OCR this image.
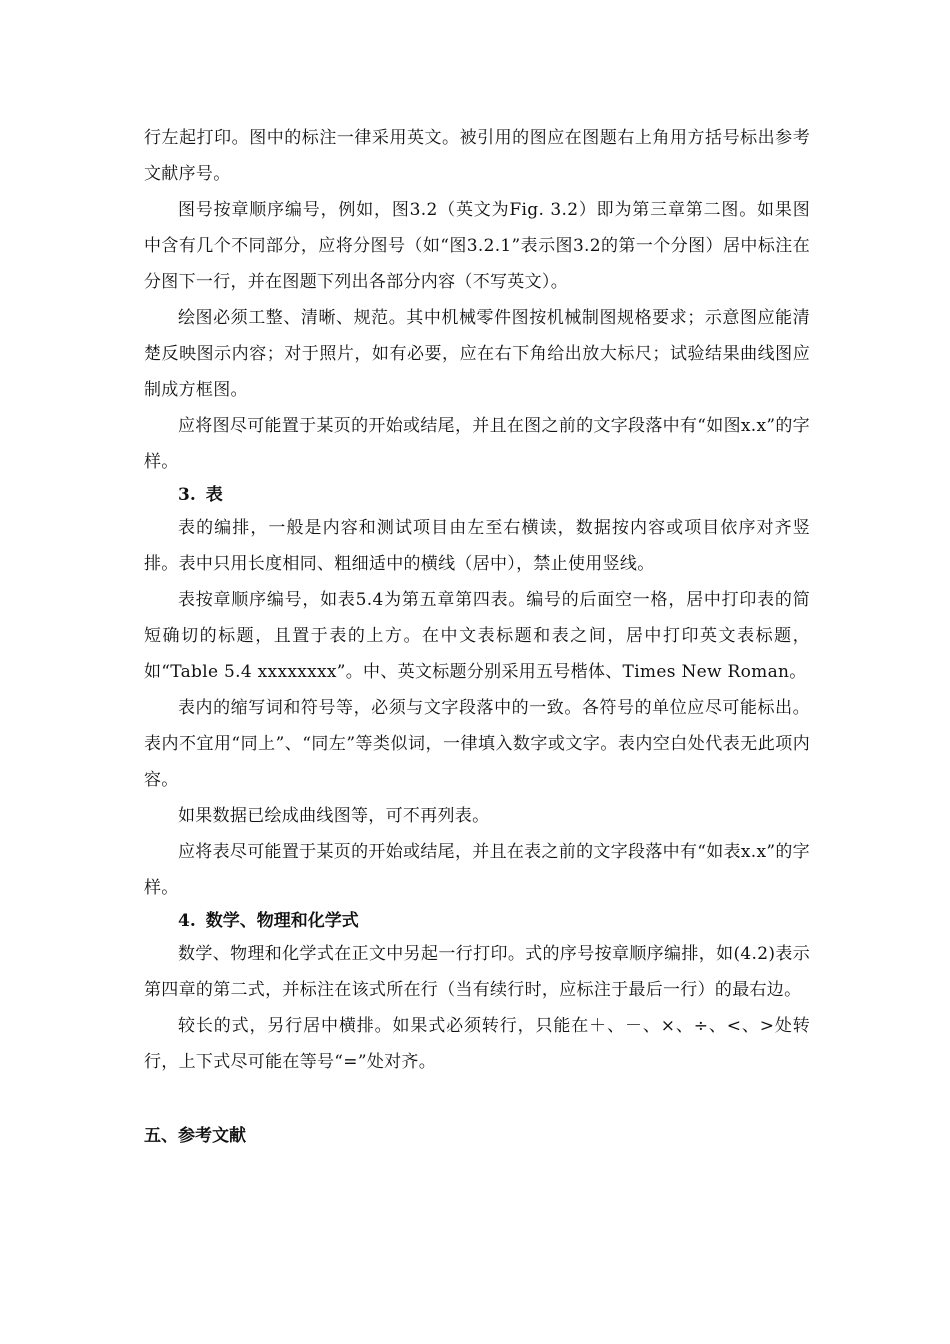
行左起打印。图中的标注一律采用英文。被引用的图应在图题右上角用方括号标出参考文献序号。

图号按章顺序编号，例如，图3.2（英文为Fig. 3.2）即为第三章第二图。如果图中含有几个不同部分，应将分图号（如“图3.2.1”表示图3.2的第一个分图）居中标注在分图下一行，并在图题下列出各部分内容（不写英文）。

绘图必须工整、清晰、规范。其中机械零件图按机械制图规格要求；示意图应能清楚反映图示内容；对于照片，如有必要，应在右下角给出放大标尺；试验结果曲线图应制成方框图。

应将图尽可能置于某页的开始或结尾，并且在图之前的文字段落中有“如图x.x”的字样。

3. 表

表的编排，一般是内容和测试项目由左至右横读，数据按内容或项目依序对齐竖排。表中只用长度相同、粗细适中的横线（居中），禁止使用竖线。

表按章顺序编号，如表5.4为第五章第四表。编号的后面空一格，居中打印表的简短确切的标题，且置于表的上方。在中文表标题和表之间，居中打印英文表标题，如“Table 5.4 xxxxxxxx”。中、英文标题分别采用五号楷体、Times New Roman。

表内的缩写词和符号等，必须与文字段落中的一致。各符号的单位应尽可能标出。表内不宜用“同上”、“同左”等类似词，一律填入数字或文字。表内空白处代表无此项内容。

如果数据已绘成曲线图等，可不再列表。

应将表尽可能置于某页的开始或结尾，并且在表之前的文字段落中有“如表x.x”的字样。

4. 数学、物理和化学式

数学、物理和化学式在正文中另起一行打印。式的序号按章顺序编排，如(4.2)表示第四章的第二式，并标注在该式所在行（当有续行时，应标注于最后一行）的最右边。

较长的式，另行居中横排。如果式必须转行，只能在＋、－、×、÷、<、>处转行，上下式尽可能在等号“=”处对齐。

五、参考文献
